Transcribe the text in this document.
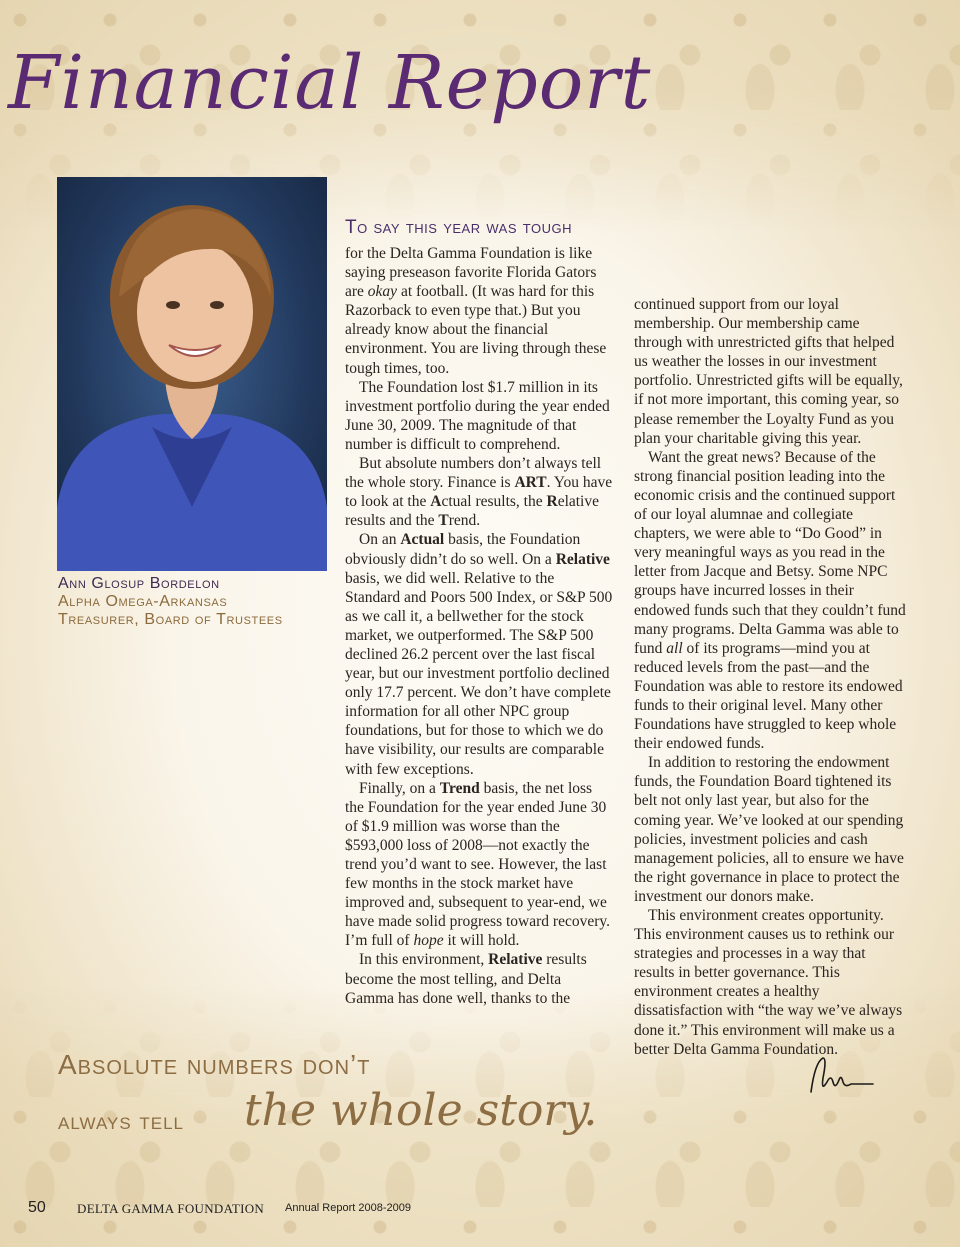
Financial Report
Ann Glosup Bordelon
Alpha Omega-Arkansas
Treasurer, Board of Trustees
To say this year was tough

for the Delta Gamma Foundation is like saying preseason favorite Florida Gators are okay at football. (It was hard for this Razorback to even type that.) But you already know about the financial environment. You are living through these tough times, too.

The Foundation lost $1.7 million in its investment portfolio during the year ended June 30, 2009. The magnitude of that number is difficult to comprehend.

But absolute numbers don’t always tell the whole story. Finance is ART. You have to look at the Actual results, the Relative results and the Trend.

On an Actual basis, the Foundation obviously didn’t do so well. On a Relative basis, we did well. Relative to the Standard and Poors 500 Index, or S&P 500 as we call it, a bellwether for the stock market, we outperformed. The S&P 500 declined 26.2 percent over the last fiscal year, but our investment portfolio declined only 17.7 percent. We don’t have complete information for all other NPC group foundations, but for those to which we do have visibility, our results are comparable with few exceptions.

Finally, on a Trend basis, the net loss the Foundation for the year ended June 30 of $1.9 million was worse than the $593,000 loss of 2008—not exactly the trend you’d want to see. However, the last few months in the stock market have improved and, subsequent to year-end, we have made solid progress toward recovery. I’m full of hope it will hold.

In this environment, Relative results become the most telling, and Delta Gamma has done well, thanks to the

continued support from our loyal membership. Our membership came through with unrestricted gifts that helped us weather the losses in our investment portfolio. Unrestricted gifts will be equally, if not more important, this coming year, so please remember the Loyalty Fund as you plan your charitable giving this year.

Want the great news? Because of the strong financial position leading into the economic crisis and the continued support of our loyal alumnae and collegiate chapters, we were able to “Do Good” in very meaningful ways as you read in the letter from Jacque and Betsy. Some NPC groups have incurred losses in their endowed funds such that they couldn’t fund many programs. Delta Gamma was able to fund all of its programs—mind you at reduced levels from the past—and the Foundation was able to restore its endowed funds to their original level. Many other Foundations have struggled to keep whole their endowed funds.

In addition to restoring the endowment funds, the Foundation Board tightened its belt not only last year, but also for the coming year. We’ve looked at our spending policies, investment policies and cash management policies, all to ensure we have the right governance in place to protect the investment our donors make.

This environment creates opportunity. This environment causes us to rethink our strategies and processes in a way that results in better governance. This environment creates a healthy dissatisfaction with “the way we’ve always done it.” This environment will make us a better Delta Gamma Foundation.

Absolute numbers don’t
always tell the whole story.
50 DELTA GAMMA FOUNDATION Annual Report 2008-2009
